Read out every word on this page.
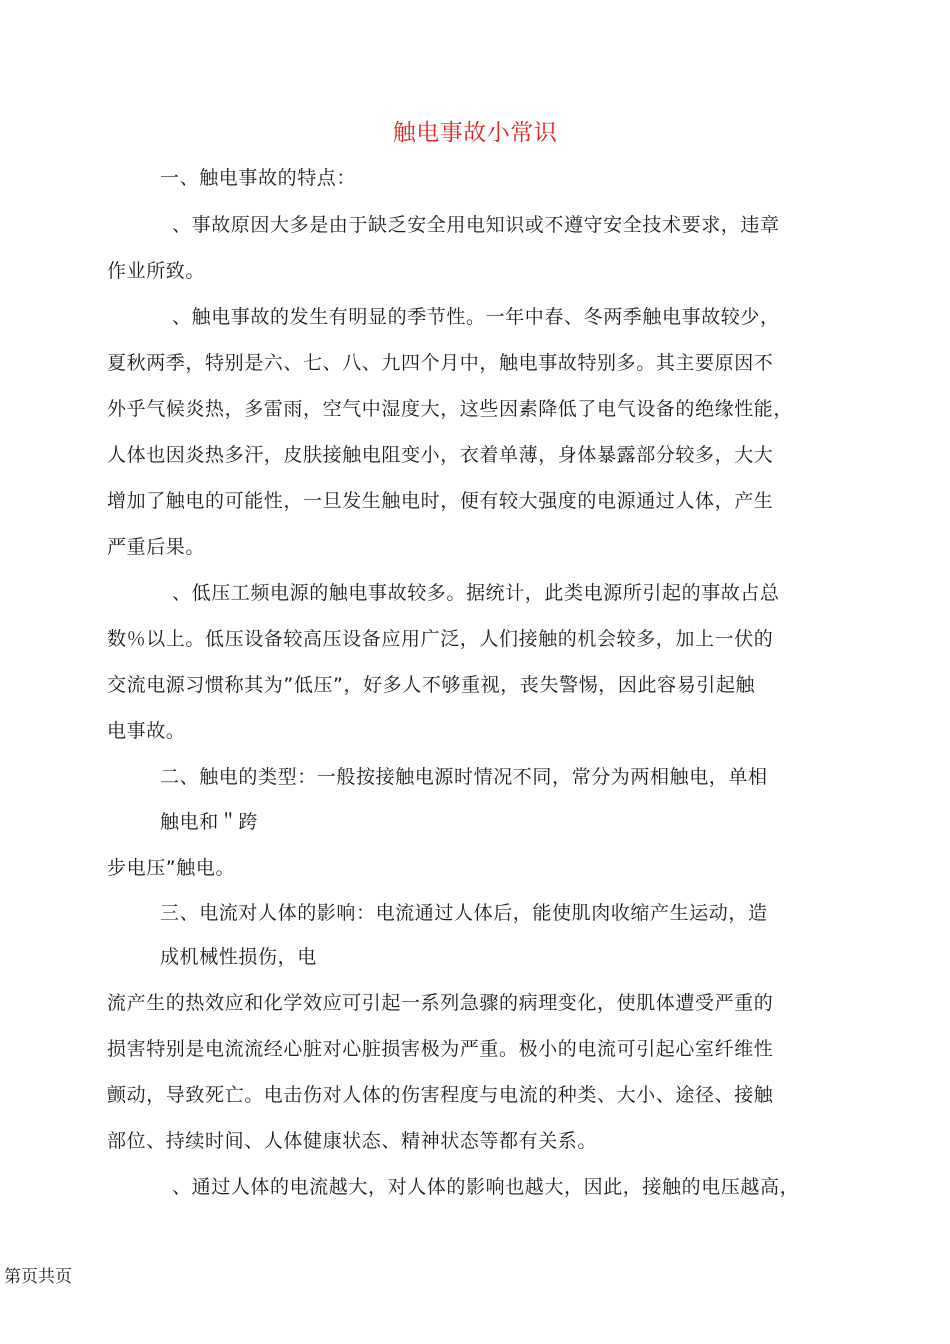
触电事故小常识
一、触电事故的特点：
、事故原因大多是由于缺乏安全用电知识或不遵守安全技术要求，违章
作业所致。
、触电事故的发生有明显的季节性。一年中春、冬两季触电事故较少，
夏秋两季，特别是六、七、八、九四个月中，触电事故特别多。其主要原因不
外乎气候炎热，多雷雨，空气中湿度大，这些因素降低了电气设备的绝缘性能，
人体也因炎热多汗，皮肤接触电阻变小，衣着单薄，身体暴露部分较多，大大
增加了触电的可能性，一旦发生触电时，便有较大强度的电源通过人体，产生
严重后果。
、低压工频电源的触电事故较多。据统计，此类电源所引起的事故占总
数％以上。低压设备较高压设备应用广泛，人们接触的机会较多，加上一伏的
交流电源习惯称其为”低压”，好多人不够重视，丧失警惕，因此容易引起触
电事故。
二、触电的类型：一般按接触电源时情况不同，常分为两相触电，单相
触电和＂跨
步电压”触电。
三、电流对人体的影响：电流通过人体后，能使肌肉收缩产生运动，造
成机械性损伤，电
流产生的热效应和化学效应可引起一系列急骤的病理变化，使肌体遭受严重的
损害特别是电流流经心脏对心脏损害极为严重。极小的电流可引起心室纤维性
颤动，导致死亡。电击伤对人体的伤害程度与电流的种类、大小、途径、接触
部位、持续时间、人体健康状态、精神状态等都有关系。
、通过人体的电流越大，对人体的影响也越大，因此，接触的电压越高，
第页共页
